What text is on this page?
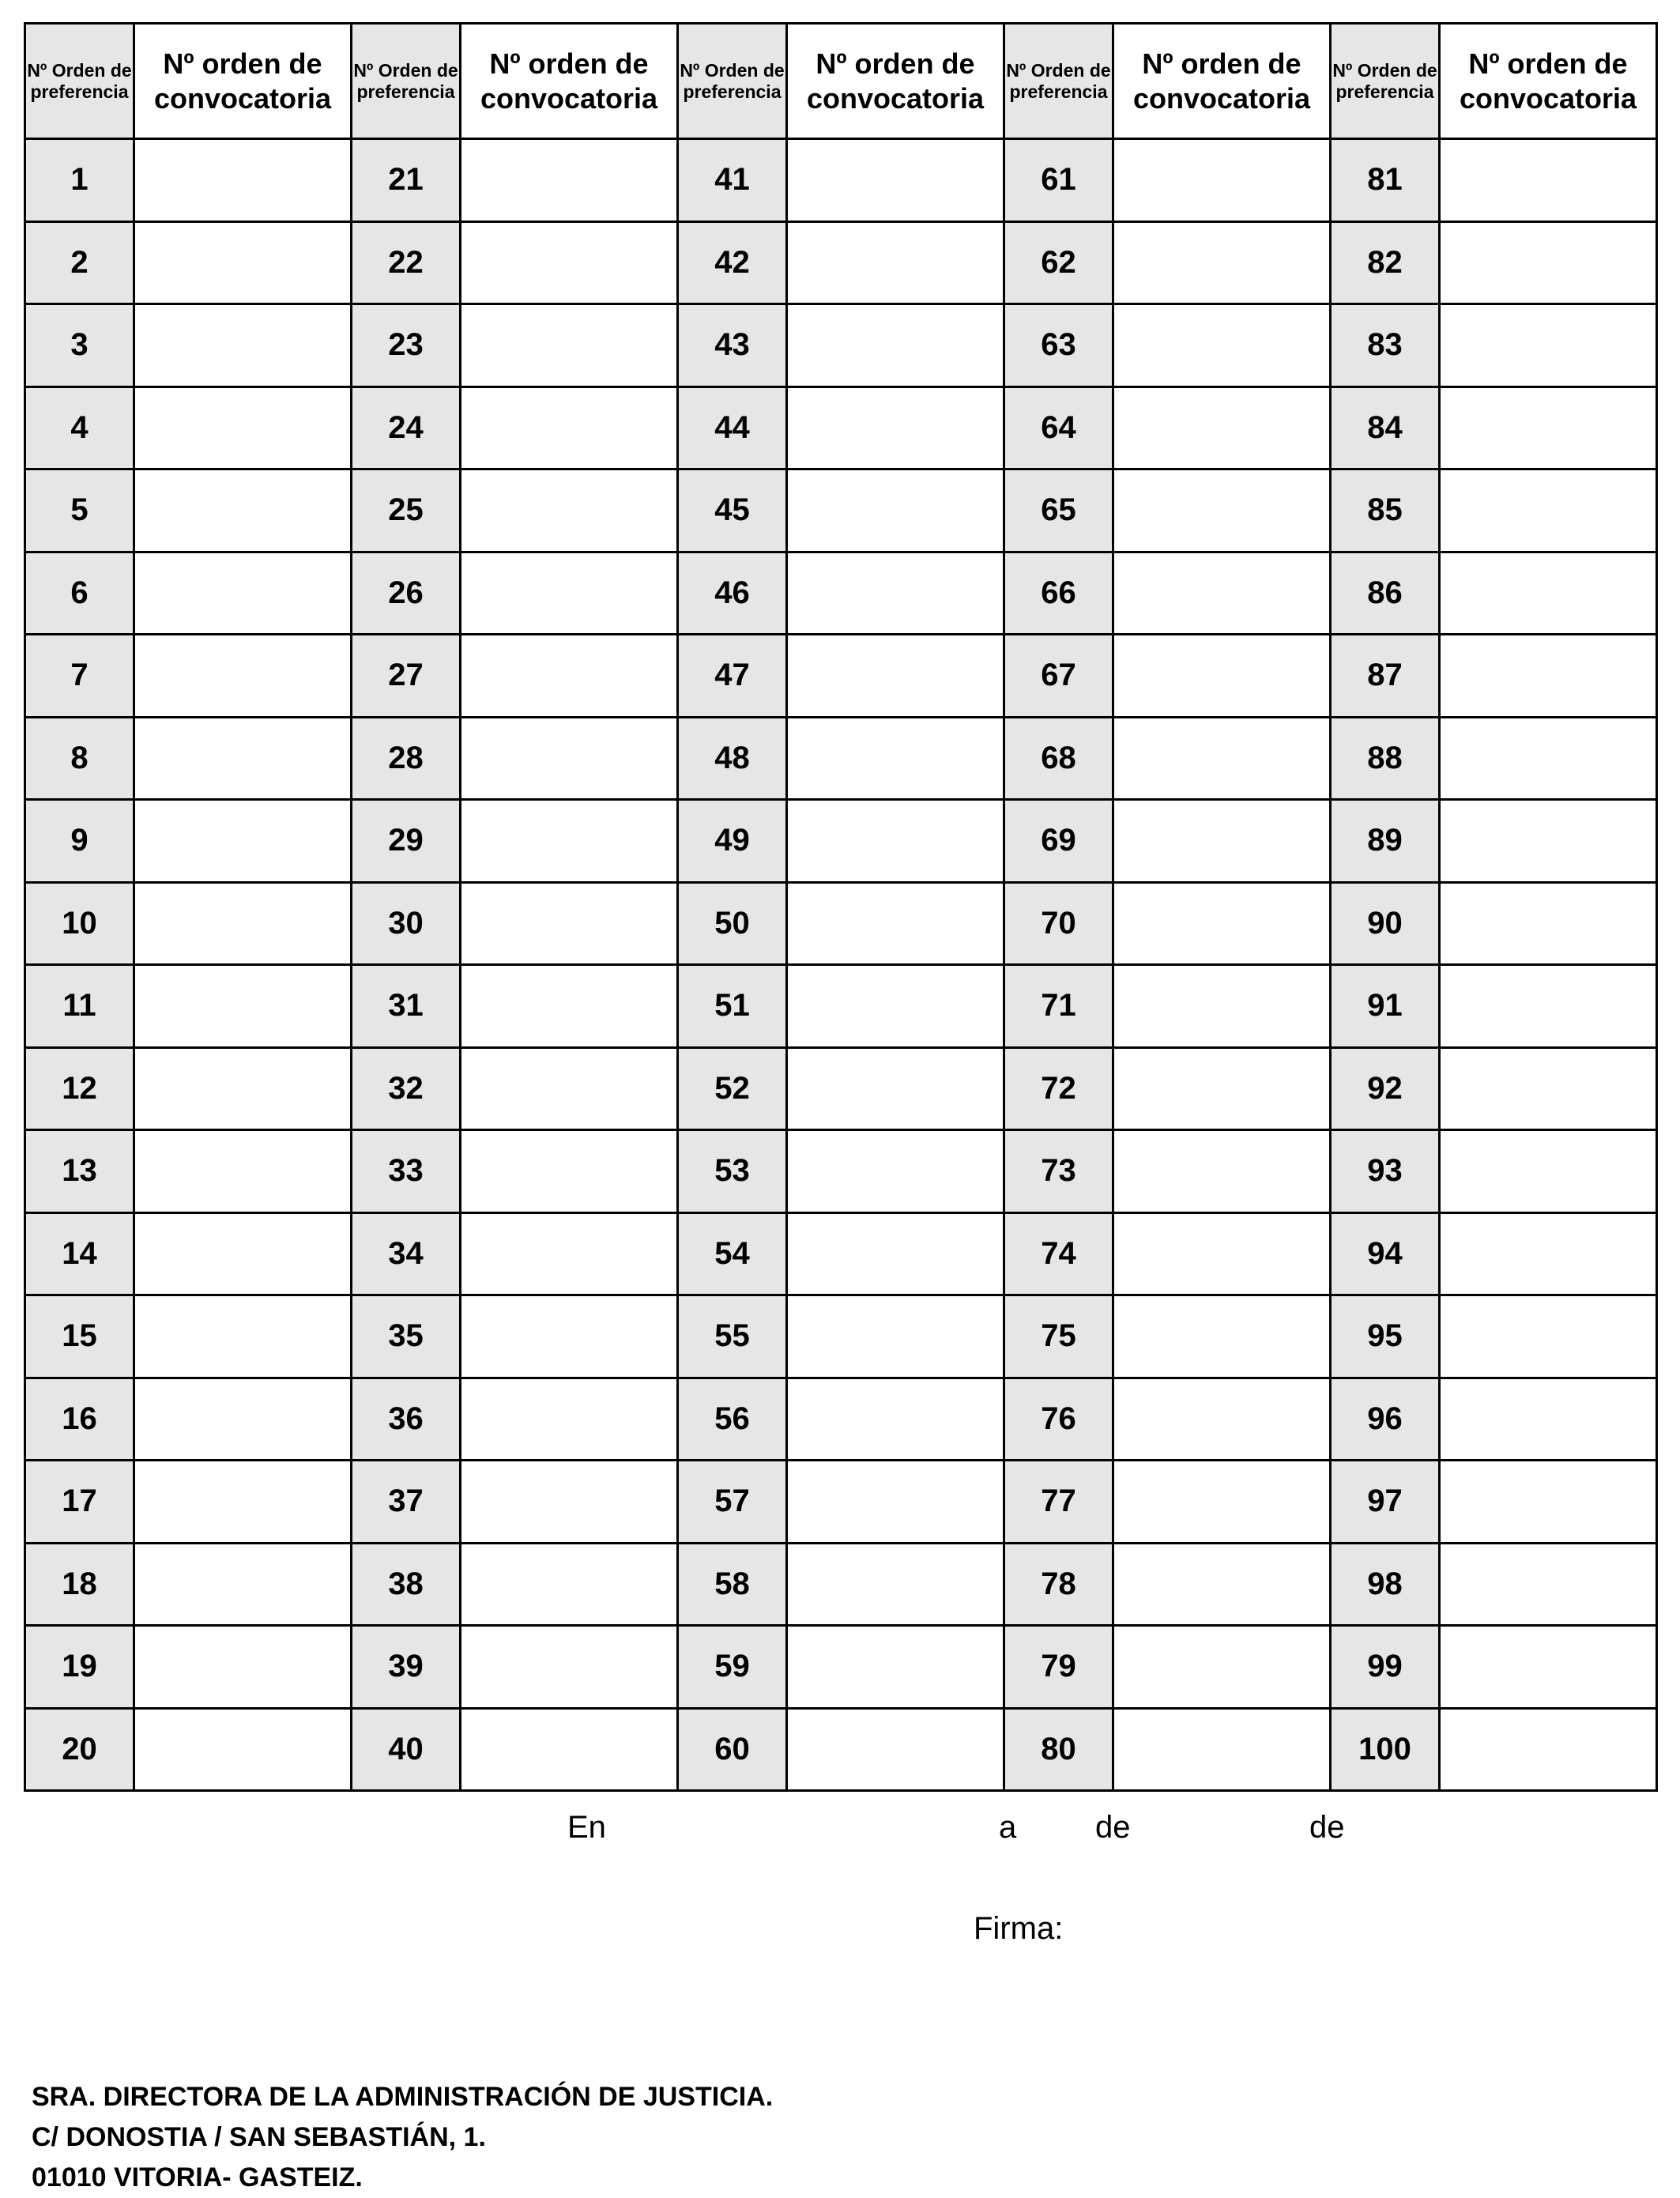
Nº Orden de preferencia	Nº orden de convocatoria	Nº Orden de preferencia	Nº orden de convocatoria	Nº Orden de preferencia	Nº orden de convocatoria	Nº Orden de preferencia	Nº orden de convocatoria	Nº Orden de preferencia	Nº orden de convocatoria
1		21		41		61		81	
2		22		42		62		82	
3		23		43		63		83	
4		24		44		64		84	
5		25		45		65		85	
6		26		46		66		86	
7		27		47		67		87	
8		28		48		68		88	
9		29		49		69		89	
10		30		50		70		90	
11		31		51		71		91	
12		32		52		72		92	
13		33		53		73		93	
14		34		54		74		94	
15		35		55		75		95	
16		36		56		76		96	
17		37		57		77		97	
18		38		58		78		98	
19		39		59		79		99	
20		40		60		80		100	
En	a de	de
Firma:
SRA. DIRECTORA DE LA ADMINISTRACIÓN DE JUSTICIA.
C/ DONOSTIA / SAN SEBASTIÁN, 1.
01010 VITORIA- GASTEIZ.
